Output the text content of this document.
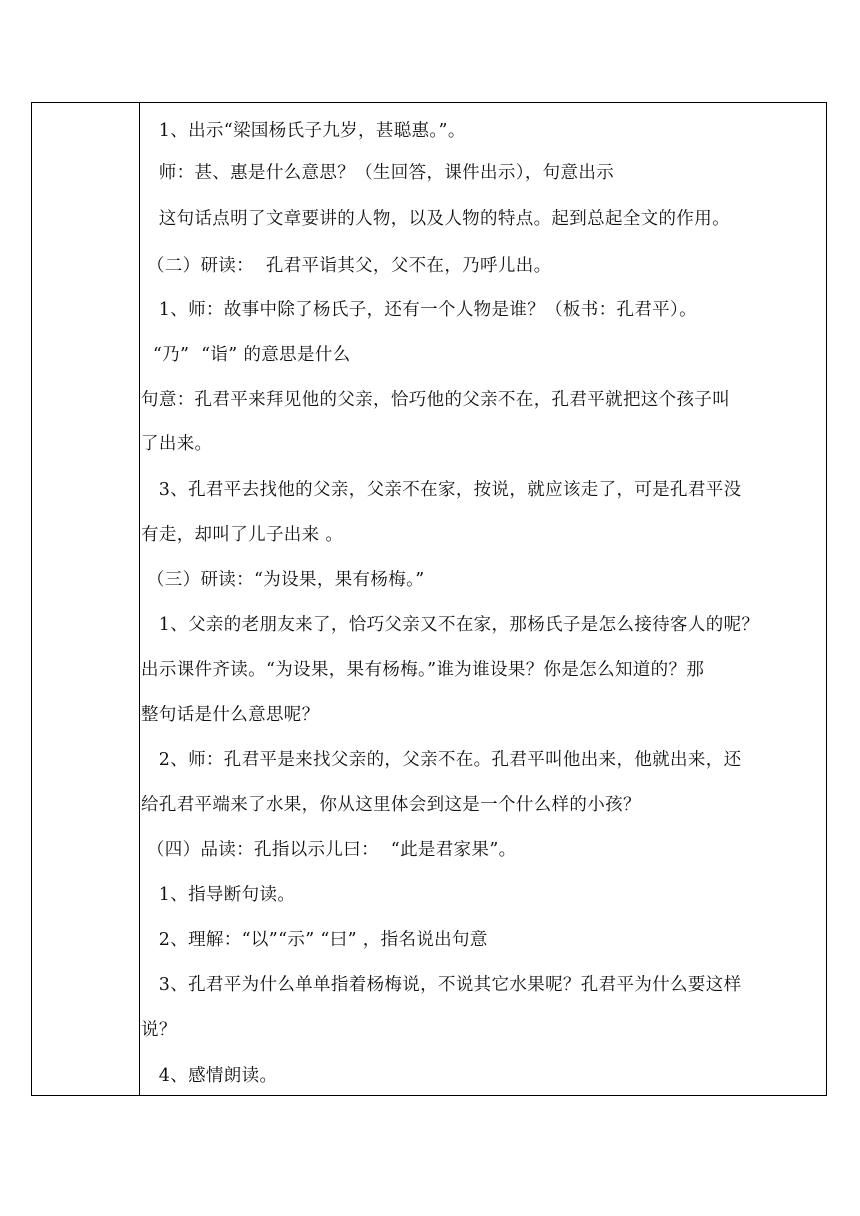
1、出示“梁国杨氏子九岁，甚聪惠。”。
师：甚、惠是什么意思？（生回答，课件出示），句意出示
这句话点明了文章要讲的人物，以及人物的特点。起到总起全文的作用。
（二）研读：  孔君平诣其父，父不在，乃呼儿出。
1、师：故事中除了杨氏子，还有一个人物是谁？（板书：孔君平）。
“乃”  “诣” 的意思是什么
句意：孔君平来拜见他的父亲，恰巧他的父亲不在，孔君平就把这个孩子叫
了出来。
3、孔君平去找他的父亲，父亲不在家，按说，就应该走了，可是孔君平没
有走，却叫了儿子出来 。
（三）研读：“为设果，果有杨梅。”
1、父亲的老朋友来了，恰巧父亲又不在家，那杨氏子是怎么接待客人的呢？
出示课件齐读。“为设果，果有杨梅。”谁为谁设果？你是怎么知道的？那
整句话是什么意思呢？
2、师：孔君平是来找父亲的，父亲不在。孔君平叫他出来，他就出来，还
给孔君平端来了水果，你从这里体会到这是一个什么样的小孩？
（四）品读：孔指以示儿曰：  “此是君家果”。
1、指导断句读。
2、理解：“以”“示” “曰” ，指名说出句意
3、孔君平为什么单单指着杨梅说，不说其它水果呢？孔君平为什么要这样
说？
4、感情朗读。
